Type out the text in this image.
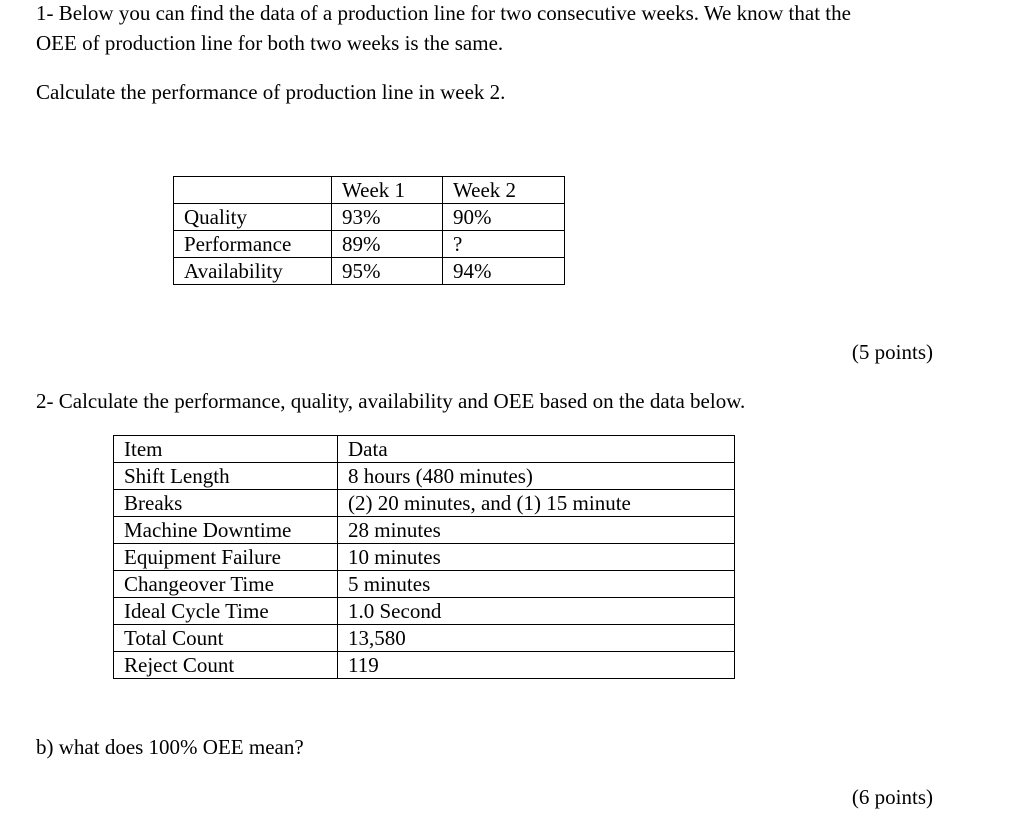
1- Below you can find the data of a production line for two consecutive weeks. We know that the
OEE of production line for both two weeks is the same.
Calculate the performance of production line in week 2.
	Week 1	Week 2
Quality	93%	90%
Performance	89%	?
Availability	95%	94%
(5 points)
2- Calculate the performance, quality, availability and OEE based on the data below.
Item	Data
Shift Length	8 hours (480 minutes)
Breaks	(2) 20 minutes, and (1) 15 minute
Machine Downtime	28 minutes
Equipment Failure	10 minutes
Changeover Time	5 minutes
Ideal Cycle Time	1.0 Second
Total Count	13,580
Reject Count	119
b) what does 100% OEE mean?
(6 points)
